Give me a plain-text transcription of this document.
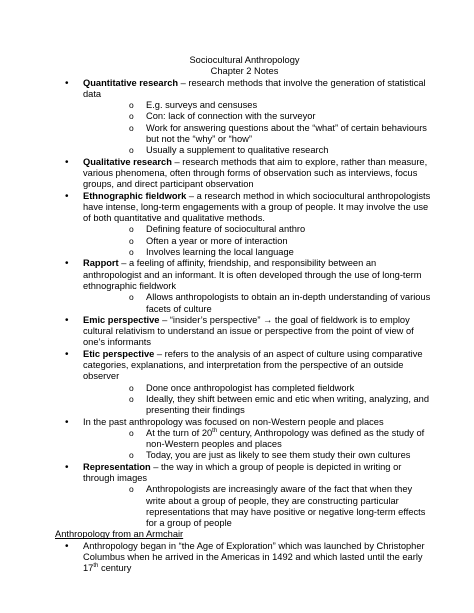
Sociocultural Anthropology
Chapter 2 Notes
• Quantitative research – research methods that involve the generation of statistical data
o E.g. surveys and censuses
o Con: lack of connection with the surveyor
o Work for answering questions about the “what” of certain behaviours but not the “why” or “how”
o Usually a supplement to qualitative research
• Qualitative research – research methods that aim to explore, rather than measure, various phenomena, often through forms of observation such as interviews, focus groups, and direct participant observation
• Ethnographic fieldwork – a research method in which sociocultural anthropologists have intense, long-term engagements with a group of people. It may involve the use of both quantitative and qualitative methods.
o Defining feature of sociocultural anthro
o Often a year or more of interaction
o Involves learning the local language
• Rapport – a feeling of affinity, friendship, and responsibility between an anthropologist and an informant. It is often developed through the use of long-term ethnographic fieldwork
o Allows anthropologists to obtain an in-depth understanding of various facets of culture
• Emic perspective – “insider’s perspective” → the goal of fieldwork is to employ cultural relativism to understand an issue or perspective from the point of view of one’s informants
• Etic perspective – refers to the analysis of an aspect of culture using comparative categories, explanations, and interpretation from the perspective of an outside observer
o Done once anthropologist has completed fieldwork
o Ideally, they shift between emic and etic when writing, analyzing, and presenting their findings
• In the past anthropology was focused on non-Western people and places
o At the turn of 20th century, Anthropology was defined as the study of non-Western peoples and places
o Today, you are just as likely to see them study their own cultures
• Representation – the way in which a group of people is depicted in writing or through images
o Anthropologists are increasingly aware of the fact that when they write about a group of people, they are constructing particular representations that may have positive or negative long-term effects for a group of people
Anthropology from an Armchair
• Anthropology began in “the Age of Exploration” which was launched by Christopher Columbus when he arrived in the Americas in 1492 and which lasted until the early 17th century
